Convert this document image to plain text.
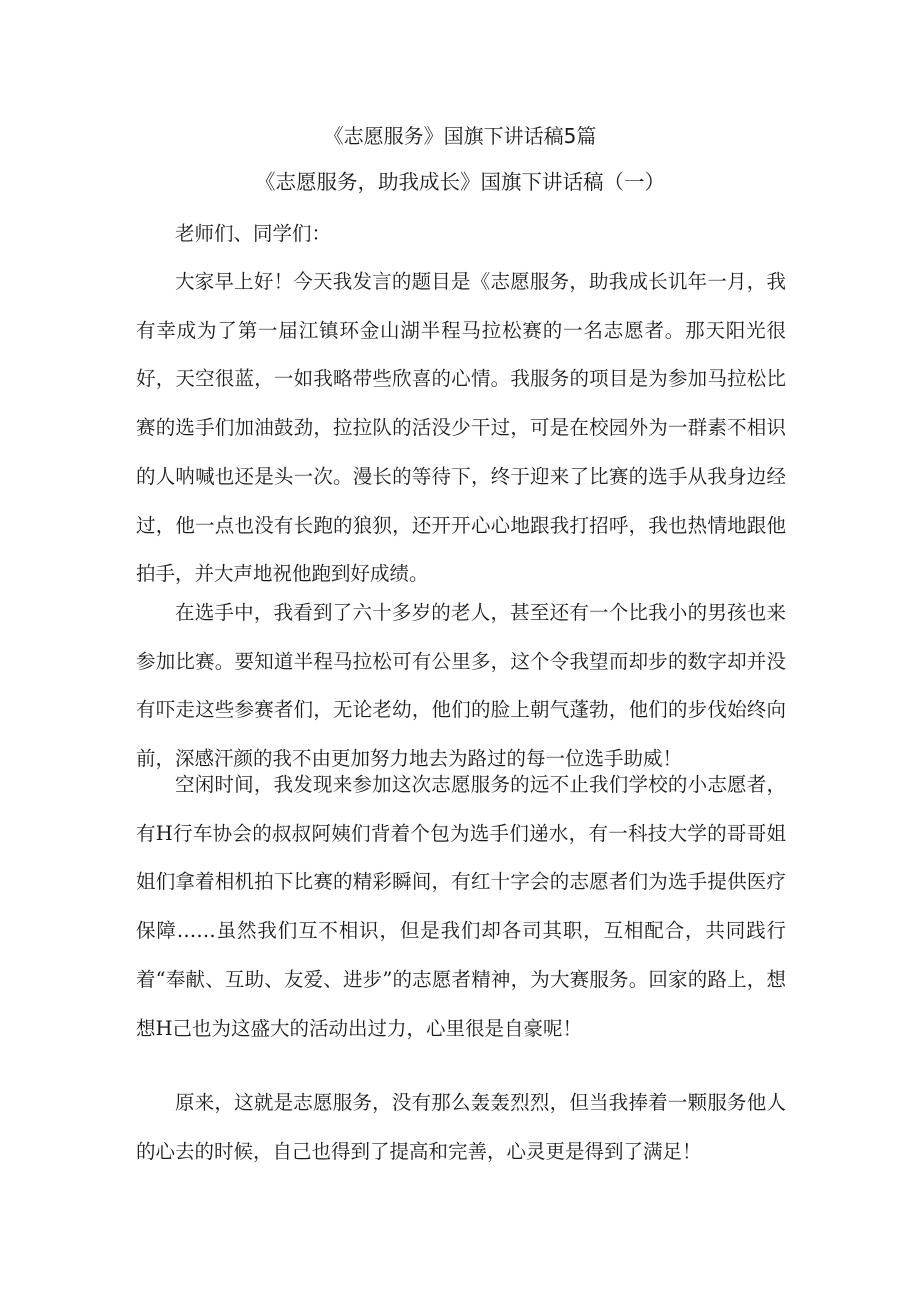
《志愿服务》国旗下讲话稿5篇
《志愿服务，助我成长》国旗下讲话稿（一）

老师们、同学们：

大家早上好！今天我发言的题目是《志愿服务，助我成长讥年一月，我有幸成为了第一届江镇环金山湖半程马拉松赛的一名志愿者。那天阳光很好，天空很蓝，一如我略带些欣喜的心情。我服务的项目是为参加马拉松比赛的选手们加油鼓劲，拉拉队的活没少干过，可是在校园外为一群素不相识的人呐喊也还是头一次。漫长的等待下，终于迎来了比赛的选手从我身边经过，他一点也没有长跑的狼狈，还开开心心地跟我打招呼，我也热情地跟他拍手，并大声地祝他跑到好成绩。

在选手中，我看到了六十多岁的老人，甚至还有一个比我小的男孩也来参加比赛。要知道半程马拉松可有公里多，这个令我望而却步的数字却并没有吓走这些参赛者们，无论老幼，他们的脸上朝气蓬勃，他们的步伐始终向前，深感汗颜的我不由更加努力地去为路过的每一位选手助威！

空闲时间，我发现来参加这次志愿服务的远不止我们学校的小志愿者，有H行车协会的叔叔阿姨们背着个包为选手们递水，有一科技大学的哥哥姐姐们拿着相机拍下比赛的精彩瞬间，有红十字会的志愿者们为选手提供医疗保障……虽然我们互不相识，但是我们却各司其职，互相配合，共同践行着“奉献、互助、友爱、进步”的志愿者精神，为大赛服务。回家的路上，想想H己也为这盛大的活动出过力，心里很是自豪呢！

原来，这就是志愿服务，没有那么轰轰烈烈，但当我捧着一颗服务他人的心去的时候，自己也得到了提高和完善，心灵更是得到了满足！
